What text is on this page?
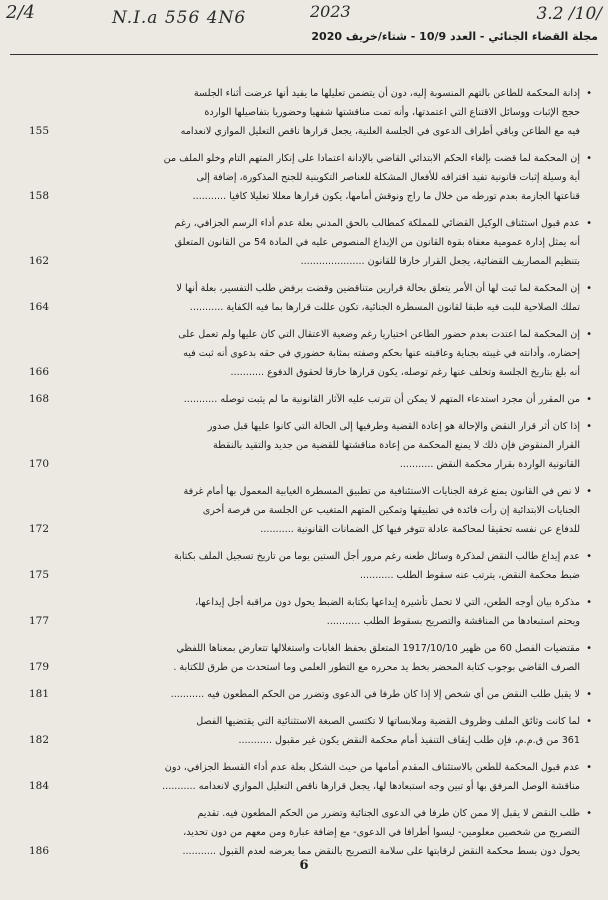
2/4	N.I.a 556 4N6	2023	3.2 /10/
مجلة القضاء الجنائي - العدد 10/9 - شتاء/خريف 2020
•
إدانة المحكمة للطاعن بالتهم المنسوبة إليه، دون أن يتضمن تعليلها ما يفيد أنها عرضت أثناء الجلسة
حجج الإثبات ووسائل الاقتناع التي اعتمدتها، وأنه تمت مناقشتها شفهيا وحضوريا بتفاصيلها الواردة
فيه مع الطاعن وباقي أطراف الدعوى في الجلسة العلنية، يجعل قرارها ناقص التعليل الموازي لانعدامه
155
•
إن المحكمة لما قضت بإلغاء الحكم الابتدائي القاضي بالإدانة اعتمادا على إنكار المتهم التام وخلو الملف من
أية وسيلة إثبات قانونية تفيد اقترافه للأفعال المشكلة للعناصر التكوينية للجنح المذكورة، إضافة إلى
قناعتها الجازمة بعدم تورطه من خلال ما راج ونوقش أمامها، يكون قرارها معللا تعليلا كافيا ...........
158
•
عدم قبول استئناف الوكيل القضائي للمملكة كمطالب بالحق المدني بعلة عدم أداء الرسم الجزافي، رغم
أنه يمثل إدارة عمومية معفاة بقوة القانون من الإيداع المنصوص عليه في المادة 54 من القانون المتعلق
بتنظيم المصاريف القضائية، يجعل القرار خارقا للقانون .....................
162
•
إن المحكمة لما ثبت لها أن الأمر يتعلق بحالة قرارين متناقضين وقضت برفض طلب التفسير، بعلة أنها لا
تملك الصلاحية للبت فيه طبقا لقانون المسطرة الجنائية، تكون عللت قرارها بما فيه الكفاية ...........
164
•
إن المحكمة لما اعتدت بعدم حضور الطاعن اختياريا رغم وضعية الاعتقال التي كان عليها ولم تعمل على
إحضاره، وأدانته في غيبته بجناية وعاقبته عنها بحكم وصفته بمثابة حضوري في حقه بدعوى أنه ثبت فيه
أنه بلغ بتاريخ الجلسة وتخلف عنها رغم توصله، يكون قرارها خارقا لحقوق الدفوع ...........
166
•
من المقرر أن مجرد استدعاء المتهم لا يمكن أن تترتب عليه الآثار القانونية ما لم يثبت توصله ...........
168
•
إذا كان أثر قرار النقض والإحالة هو إعادة القضية وطرفيها إلى الحالة التي كانوا عليها قبل صدور
القرار المنقوض فإن ذلك لا يمنع المحكمة من إعادة مناقشتها للقضية من جديد والتقيد بالنقطة
القانونية الواردة بقرار محكمة النقض ...........
170
•
لا نص في القانون يمنع غرفة الجنايات الاستئنافية من تطبيق المسطرة الغيابية المعمول بها أمام غرفة
الجنايات الابتدائية إن رأت فائدة في تطبيقها وتمكين المتهم المتغيب عن الجلسة من فرصة أخرى
للدفاع عن نفسه تحقيقا لمحاكمة عادلة تتوفر فيها كل الضمانات القانونية ...........
172
•
عدم إيداع طالب النقض لمذكرة وسائل طعنه رغم مرور أجل الستين يوما من تاريخ تسجيل الملف بكتابة
ضبط محكمة النقض، يترتب عنه سقوط الطلب ...........
175
•
مذكرة بيان أوجه الطعن، التي لا تحمل تأشيرة إيداعها بكتابة الضبط يحول دون مراقبة أجل إيداعها،
ويحتم استبعادها من المناقشة والتصريح بسقوط الطلب ...........
177
•
مقتضيات الفصل 60 من ظهير 1917/10/10 المتعلق بحفظ الغابات واستغلالها تتعارض بمعناها اللفظي
الصرف القاضي بوجوب كتابة المحضر بخط يد محرره مع التطور العلمي وما استحدث من طرق للكتابة .
179
•
لا يقبل طلب النقض من أي شخص إلا إذا كان طرفا في الدعوى وتضرر من الحكم المطعون فيه ...........
181
•
لما كانت وثائق الملف وظروف القضية وملابساتها لا تكتسي الصبغة الاستثنائية التي يقتضيها الفصل
361 من ق.م.م، فإن طلب إيقاف التنفيذ أمام محكمة النقض يكون غير مقبول ...........
182
•
عدم قبول المحكمة للطعن بالاستئناف المقدم أمامها من حيث الشكل بعلة عدم أداء القسط الجزافي، دون
مناقشة الوصل المرفق بها أو تبين وجه استبعادها لها، يجعل قرارها ناقص التعليل الموازي لانعدامه ...........
184
•
طلب النقض لا يقبل إلا ممن كان طرفا في الدعوى الجنائية وتضرر من الحكم المطعون فيه. تقديم
التصريح من شخصين معلومين- ليسوا أطرافا في الدعوى- مع إضافة عبارة ومن معهم من دون تحديد،
يحول دون بسط محكمة النقض لرقابتها على سلامة التصريح بالنقض مما يعرضه لعدم القبول ...........
186
6
